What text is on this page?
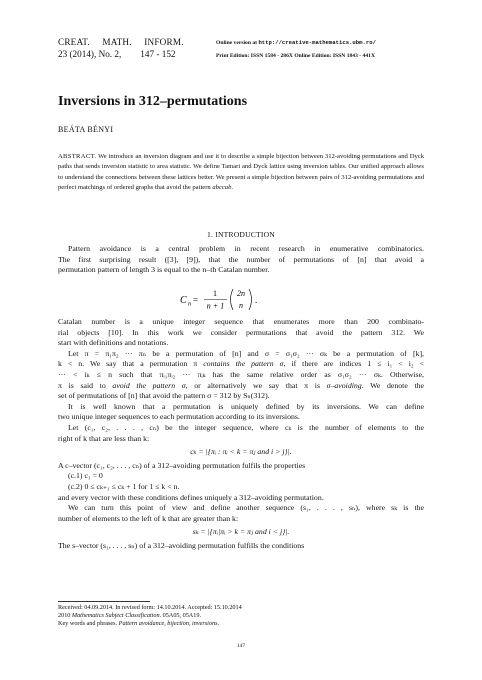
CREAT. MATH. INFORM.
23 (2014), No. 2, 147 - 152
Online version at http://creative-mathematics.ubm.ro/
Print Edition: ISSN 1584 - 286X Online Edition: ISSN 1843 - 441X
Inversions in 312–permutations
BEÁTA BÉNYI
ABSTRACT. We introduce an inversion diagram and use it to describe a simple bijection between 312-avoiding permutations and Dyck paths that sends inversion statistic to area statistic. We define Tamari and Dyck lattice using inversion tables. Our unified approach allows to understand the connections between these lattices better. We present a simple bijection between pairs of 312-avoiding permutations and perfect matchings of ordered graphs that avoid the pattern abccab.
1. INTRODUCTION
Pattern avoidance is a central problem in recent research in enumerative combinatorics.
The first surprising result ([3], [9]), that the number of permutations of [n] that avoid a
permutation pattern of length 3 is equal to the n–th Catalan number.
C n =
1
n + 1
2n
n
.
Catalan number is a unique integer sequence that enumerates more than 200 combinato-
rial objects [10]. In this work we consider permutations that avoid the pattern 312. We
start with definitions and notations.
Let π = π₁π₂ ··· πₙ be a permutation of [n] and σ = σ₁σ₂ ··· σₖ be a permutation of [k],
k < n. We say that a permutation π contains the pattern σ, if there are indices 1 ≤ i₁ < i₂ <
··· < iₖ ≤ n such that πᵢ₁πᵢ₂ ··· πᵢₖ has the same relative order as σ₁σ₂ ··· σₖ. Otherwise,
π is said to avoid the pattern σ, or alternatively we say that π is σ–avoiding. We denote the
set of permutations of [n] that avoid the pattern σ = 312 by Sₙ(312).
It is well known that a permutation is uniquely defined by its inversions. We can define
two unique integer sequences to each permutation according to its inversions.
Let (c₁, c₂, . . . , cₙ) be the integer sequence, where cₖ is the number of elements to the
right of k that are less than k:
cₖ = |{πᵢ : πᵢ < k = πⱼ and i > j}|.
A c–vector (c₁, c₂, . . . , cₙ) of a 312–avoiding permutation fulfils the properties
(c.1) c₁ = 0
(c.2) 0 ≤ cₖ₊₁ ≤ cₖ + 1 for 1 ≤ k < n.
and every vector with these conditions defines uniquely a 312–avoiding permutation.
We can turn this point of view and define another sequence (s₁, . . . , sₙ), where sₖ is the
number of elements to the left of k that are greater than k:
sₖ = |{πᵢ|πᵢ > k = πⱼ and i < j}|.
The s–vector (s₁, . . . , sₙ) of a 312–avoiding permutation fulfills the conditions
Received: 04.09.2014. In revised form: 14.10.2014. Accepted: 15.10.2014
2010 Mathematics Subject Classification. 05A05, 05A19.
Key words and phrases. Pattern avoidance, bijection, inversions.
147
